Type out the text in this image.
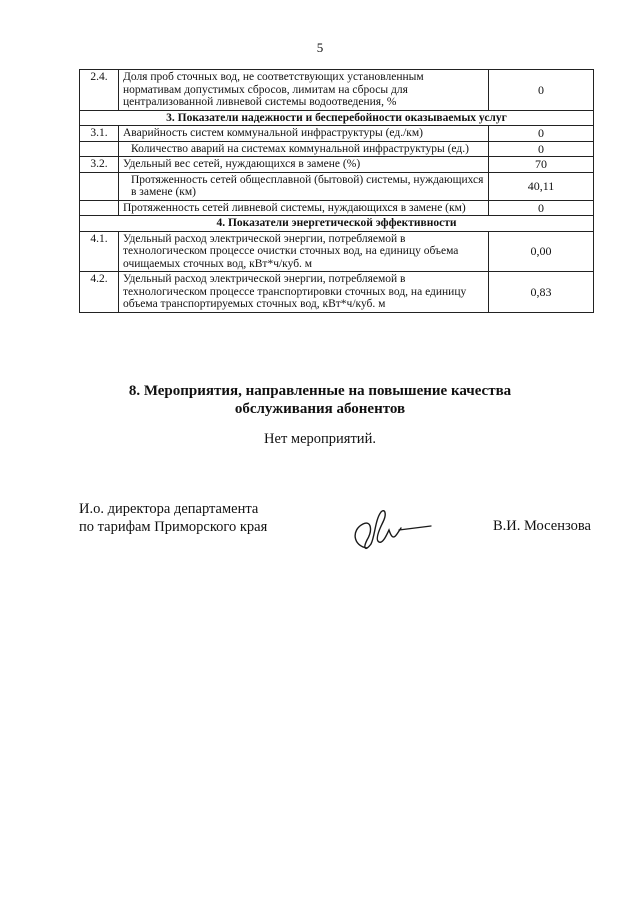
5
2.4.	Доля проб сточных вод, не соответствующих установленным нормативам допустимых сбросов, лимитам на сбросы для централизованной ливневой системы водоотведения, %	0
3. Показатели надежности и бесперебойности оказываемых услуг		
3.1.	Аварийность систем коммунальной инфраструктуры (ед./км)	0
	Количество аварий на системах коммунальной инфраструктуры (ед.)	0
3.2.	Удельный вес сетей, нуждающихся в замене (%)	70
	Протяженность сетей общесплавной (бытовой) системы, нуждающихся в замене (км)	40,11
	Протяженность сетей ливневой системы, нуждающихся в замене (км)	0
4. Показатели энергетической эффективности		
4.1.	Удельный расход электрической энергии, потребляемой в технологическом процессе очистки сточных вод, на единицу объема очищаемых сточных вод, кВт*ч/куб. м	0,00
4.2.	Удельный расход электрической энергии, потребляемой в технологическом процессе транспортировки сточных вод, на единицу объема транспортируемых сточных вод, кВт*ч/куб. м	0,83
8. Мероприятия, направленные на повышение качества
обслуживания абонентов
Нет мероприятий.
И.о. директора департамента
по тарифам Приморского края	В.И. Мосензова
